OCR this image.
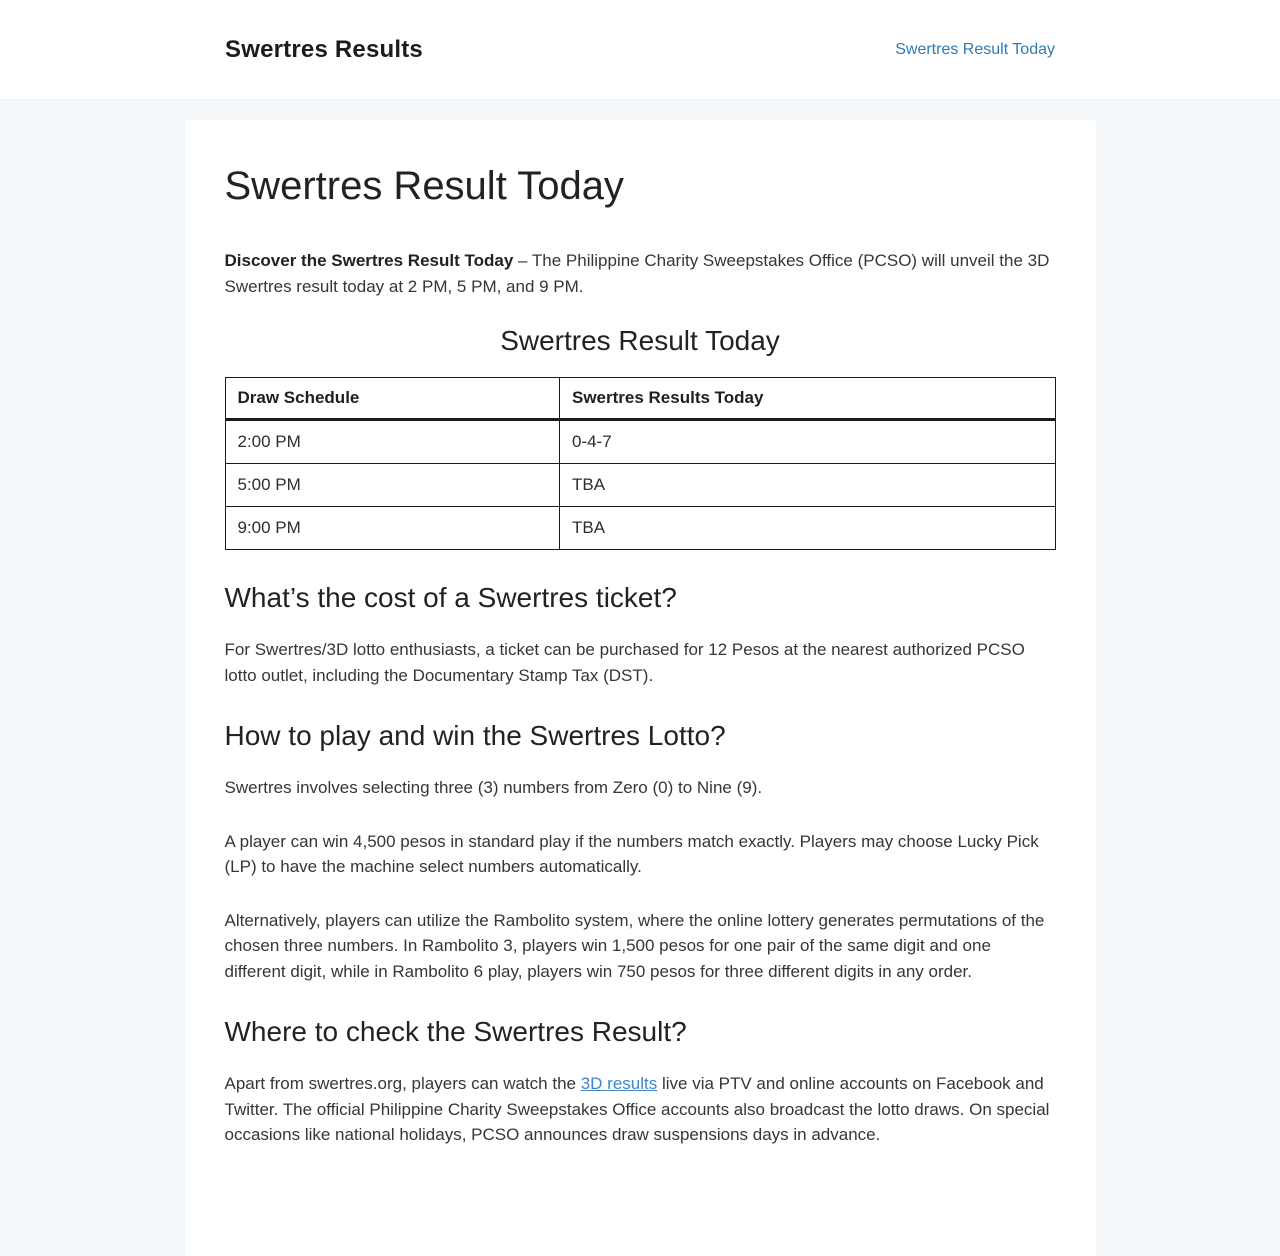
Swertres Results	Swertres Result Today
Swertres Result Today

Discover the Swertres Result Today – The Philippine Charity Sweepstakes Office (PCSO) will unveil the 3D Swertres result today at 2 PM, 5 PM, and 9 PM.

Swertres Result Today
Draw Schedule	Swertres Results Today
2:00 PM	0-4-7
5:00 PM	TBA
9:00 PM	TBA
What’s the cost of a Swertres ticket?

For Swertres/3D lotto enthusiasts, a ticket can be purchased for 12 Pesos at the nearest authorized PCSO lotto outlet, including the Documentary Stamp Tax (DST).

How to play and win the Swertres Lotto?

Swertres involves selecting three (3) numbers from Zero (0) to Nine (9).

A player can win 4,500 pesos in standard play if the numbers match exactly. Players may choose Lucky Pick (LP) to have the machine select numbers automatically.

Alternatively, players can utilize the Rambolito system, where the online lottery generates permutations of the chosen three numbers. In Rambolito 3, players win 1,500 pesos for one pair of the same digit and one different digit, while in Rambolito 6 play, players win 750 pesos for three different digits in any order.

Where to check the Swertres Result?

Apart from swertres.org, players can watch the 3D results live via PTV and online accounts on Facebook and Twitter. The official Philippine Charity Sweepstakes Office accounts also broadcast the lotto draws. On special occasions like national holidays, PCSO announces draw suspensions days in advance.
